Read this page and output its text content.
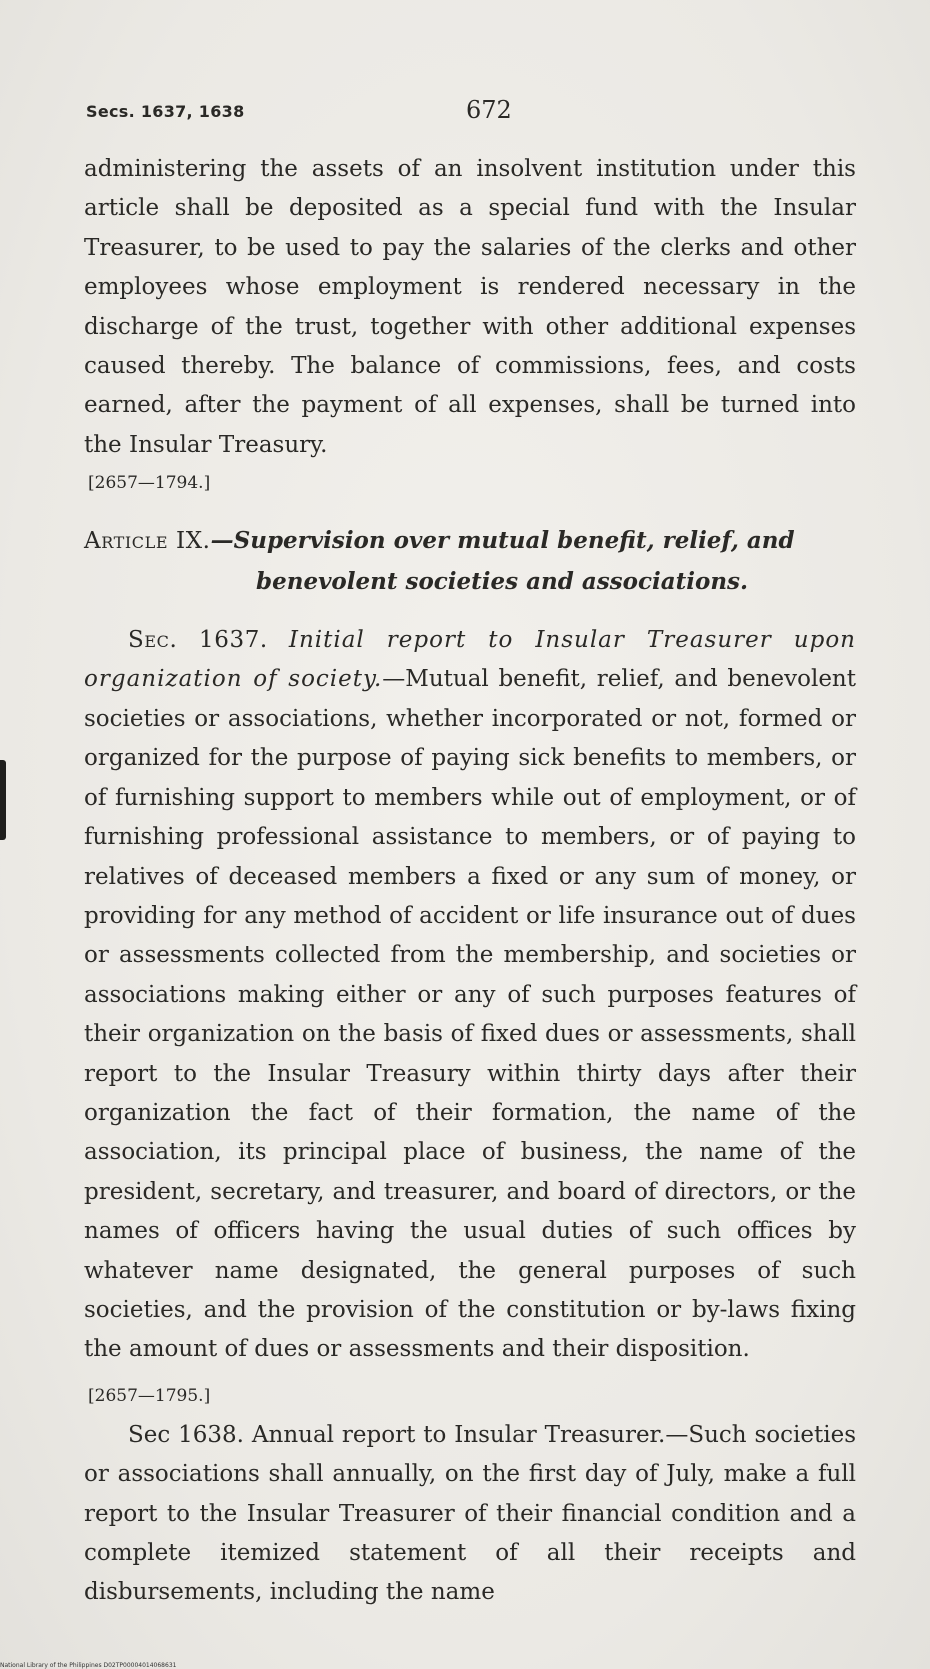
Secs. 1637, 1638	672

administering the assets of an insolvent institution under this article shall be deposited as a special fund with the Insular Treasurer, to be used to pay the salaries of the clerks and other employees whose employment is rendered necessary in the discharge of the trust, together with other additional expenses caused thereby. The balance of commissions, fees, and costs earned, after the payment of all expenses, shall be turned into the Insular Treasury.

[2657—1794.]

Article IX.—Supervision over mutual benefit, relief, and
benevolent societies and associations.

Sec. 1637. Initial report to Insular Treasurer upon organization of society.—Mutual benefit, relief, and benevolent societies or associations, whether incorporated or not, formed or organized for the purpose of paying sick benefits to members, or of furnishing support to members while out of employment, or of furnishing professional assistance to members, or of paying to relatives of deceased members a fixed or any sum of money, or providing for any method of accident or life insurance out of dues or assessments collected from the membership, and societies or associations making either or any of such purposes features of their organization on the basis of fixed dues or assessments, shall report to the Insular Treasury within thirty days after their organization the fact of their formation, the name of the association, its principal place of business, the name of the president, secretary, and treasurer, and board of directors, or the names of officers having the usual duties of such offices by whatever name designated, the general purposes of such societies, and the provision of the constitution or by-laws fixing the amount of dues or assessments and their disposition.

[2657—1795.]

Sec 1638. Annual report to Insular Treasurer.—Such societies or associations shall annually, on the first day of July, make a full report to the Insular Treasurer of their financial condition and a complete itemized statement of all their receipts and disbursements, including the name

National Library of the Philippines D02TP00004014068631
